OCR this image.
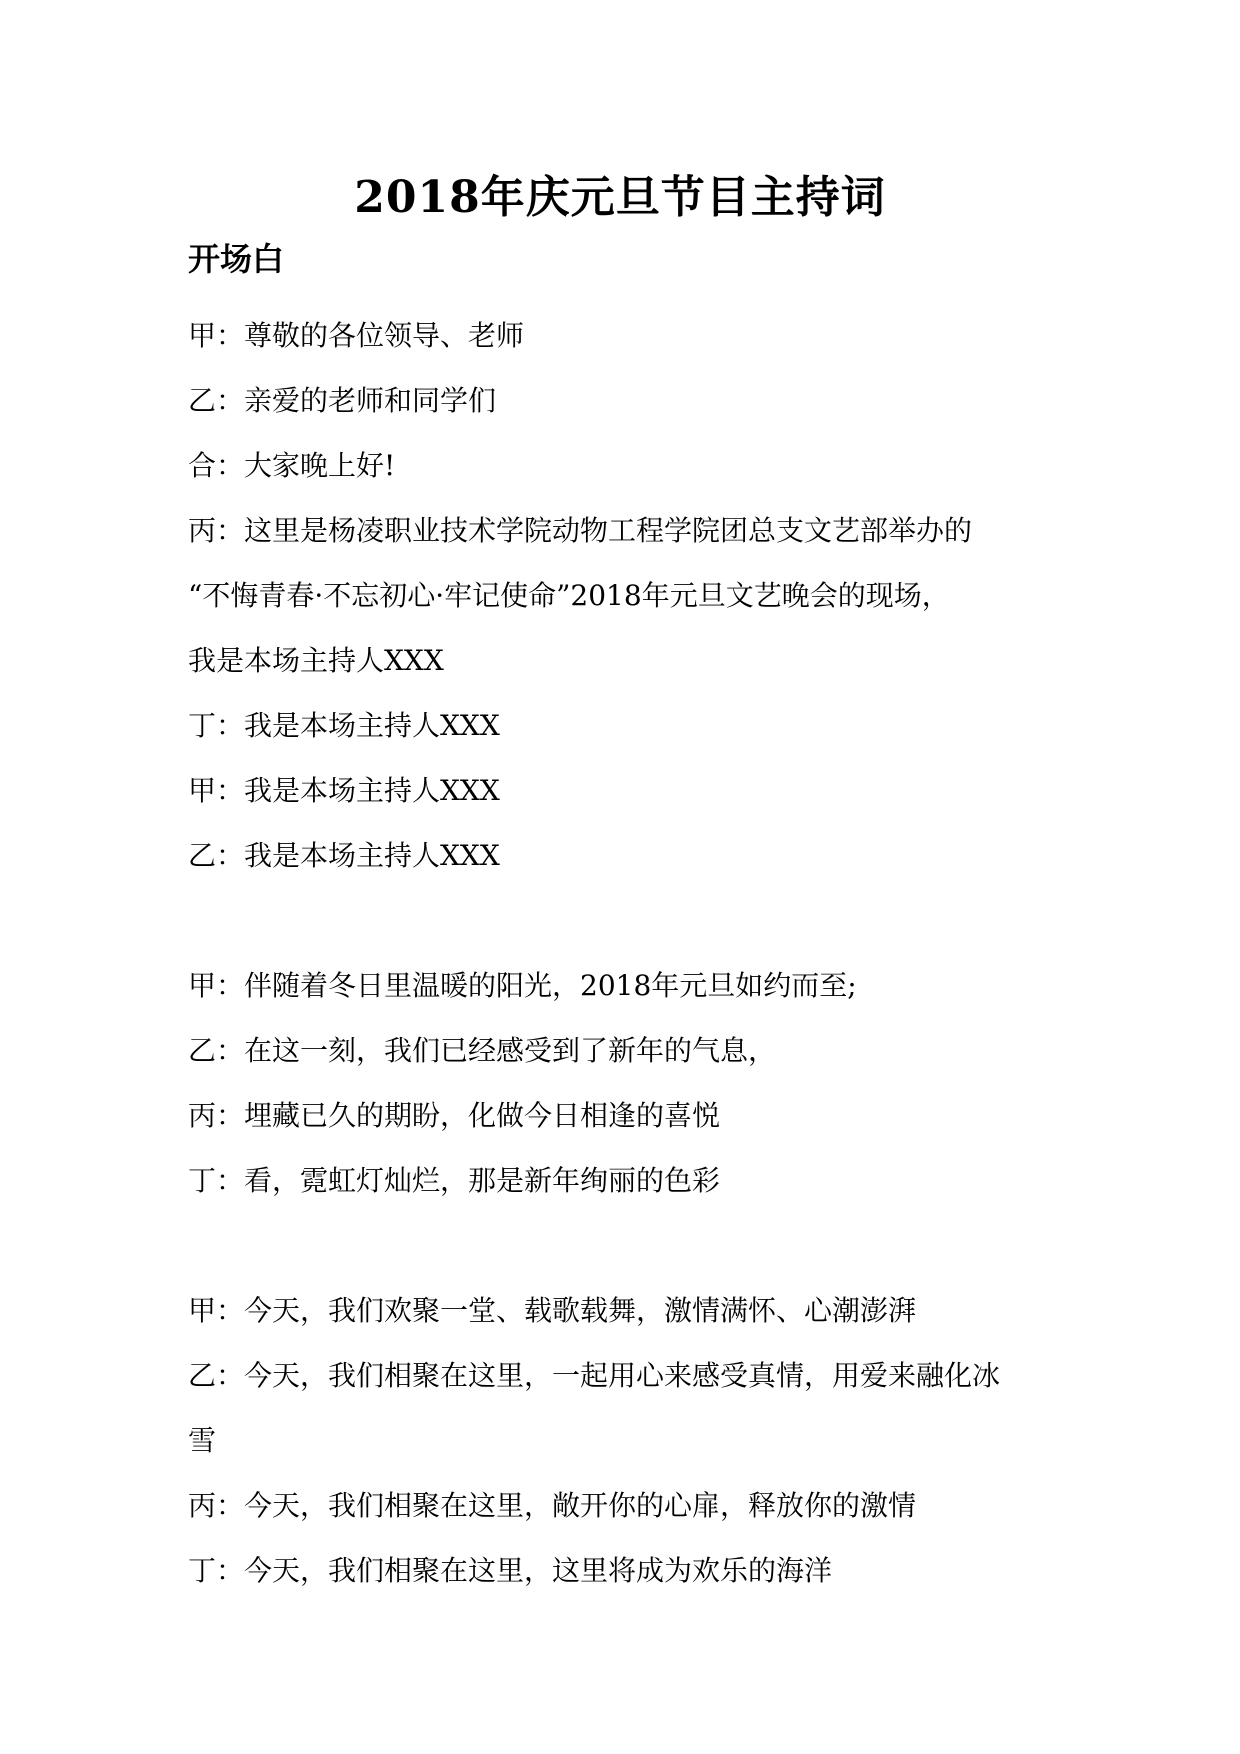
2018年庆元旦节目主持词
开场白
甲：尊敬的各位领导、老师
乙：亲爱的老师和同学们
合：大家晚上好!
丙：这里是杨凌职业技术学院动物工程学院团总支文艺部举办的
“不悔青春·不忘初心·牢记使命”2018年元旦文艺晚会的现场，
我是本场主持人XXX
丁：我是本场主持人XXX
甲：我是本场主持人XXX
乙：我是本场主持人XXX
甲：伴随着冬日里温暖的阳光，2018年元旦如约而至;
乙：在这一刻，我们已经感受到了新年的气息，
丙：埋藏已久的期盼，化做今日相逢的喜悦
丁：看，霓虹灯灿烂，那是新年绚丽的色彩
甲：今天，我们欢聚一堂、载歌载舞，激情满怀、心潮澎湃
乙：今天，我们相聚在这里，一起用心来感受真情，用爱来融化冰
雪
丙：今天，我们相聚在这里，敞开你的心扉，释放你的激情
丁：今天，我们相聚在这里，这里将成为欢乐的海洋
